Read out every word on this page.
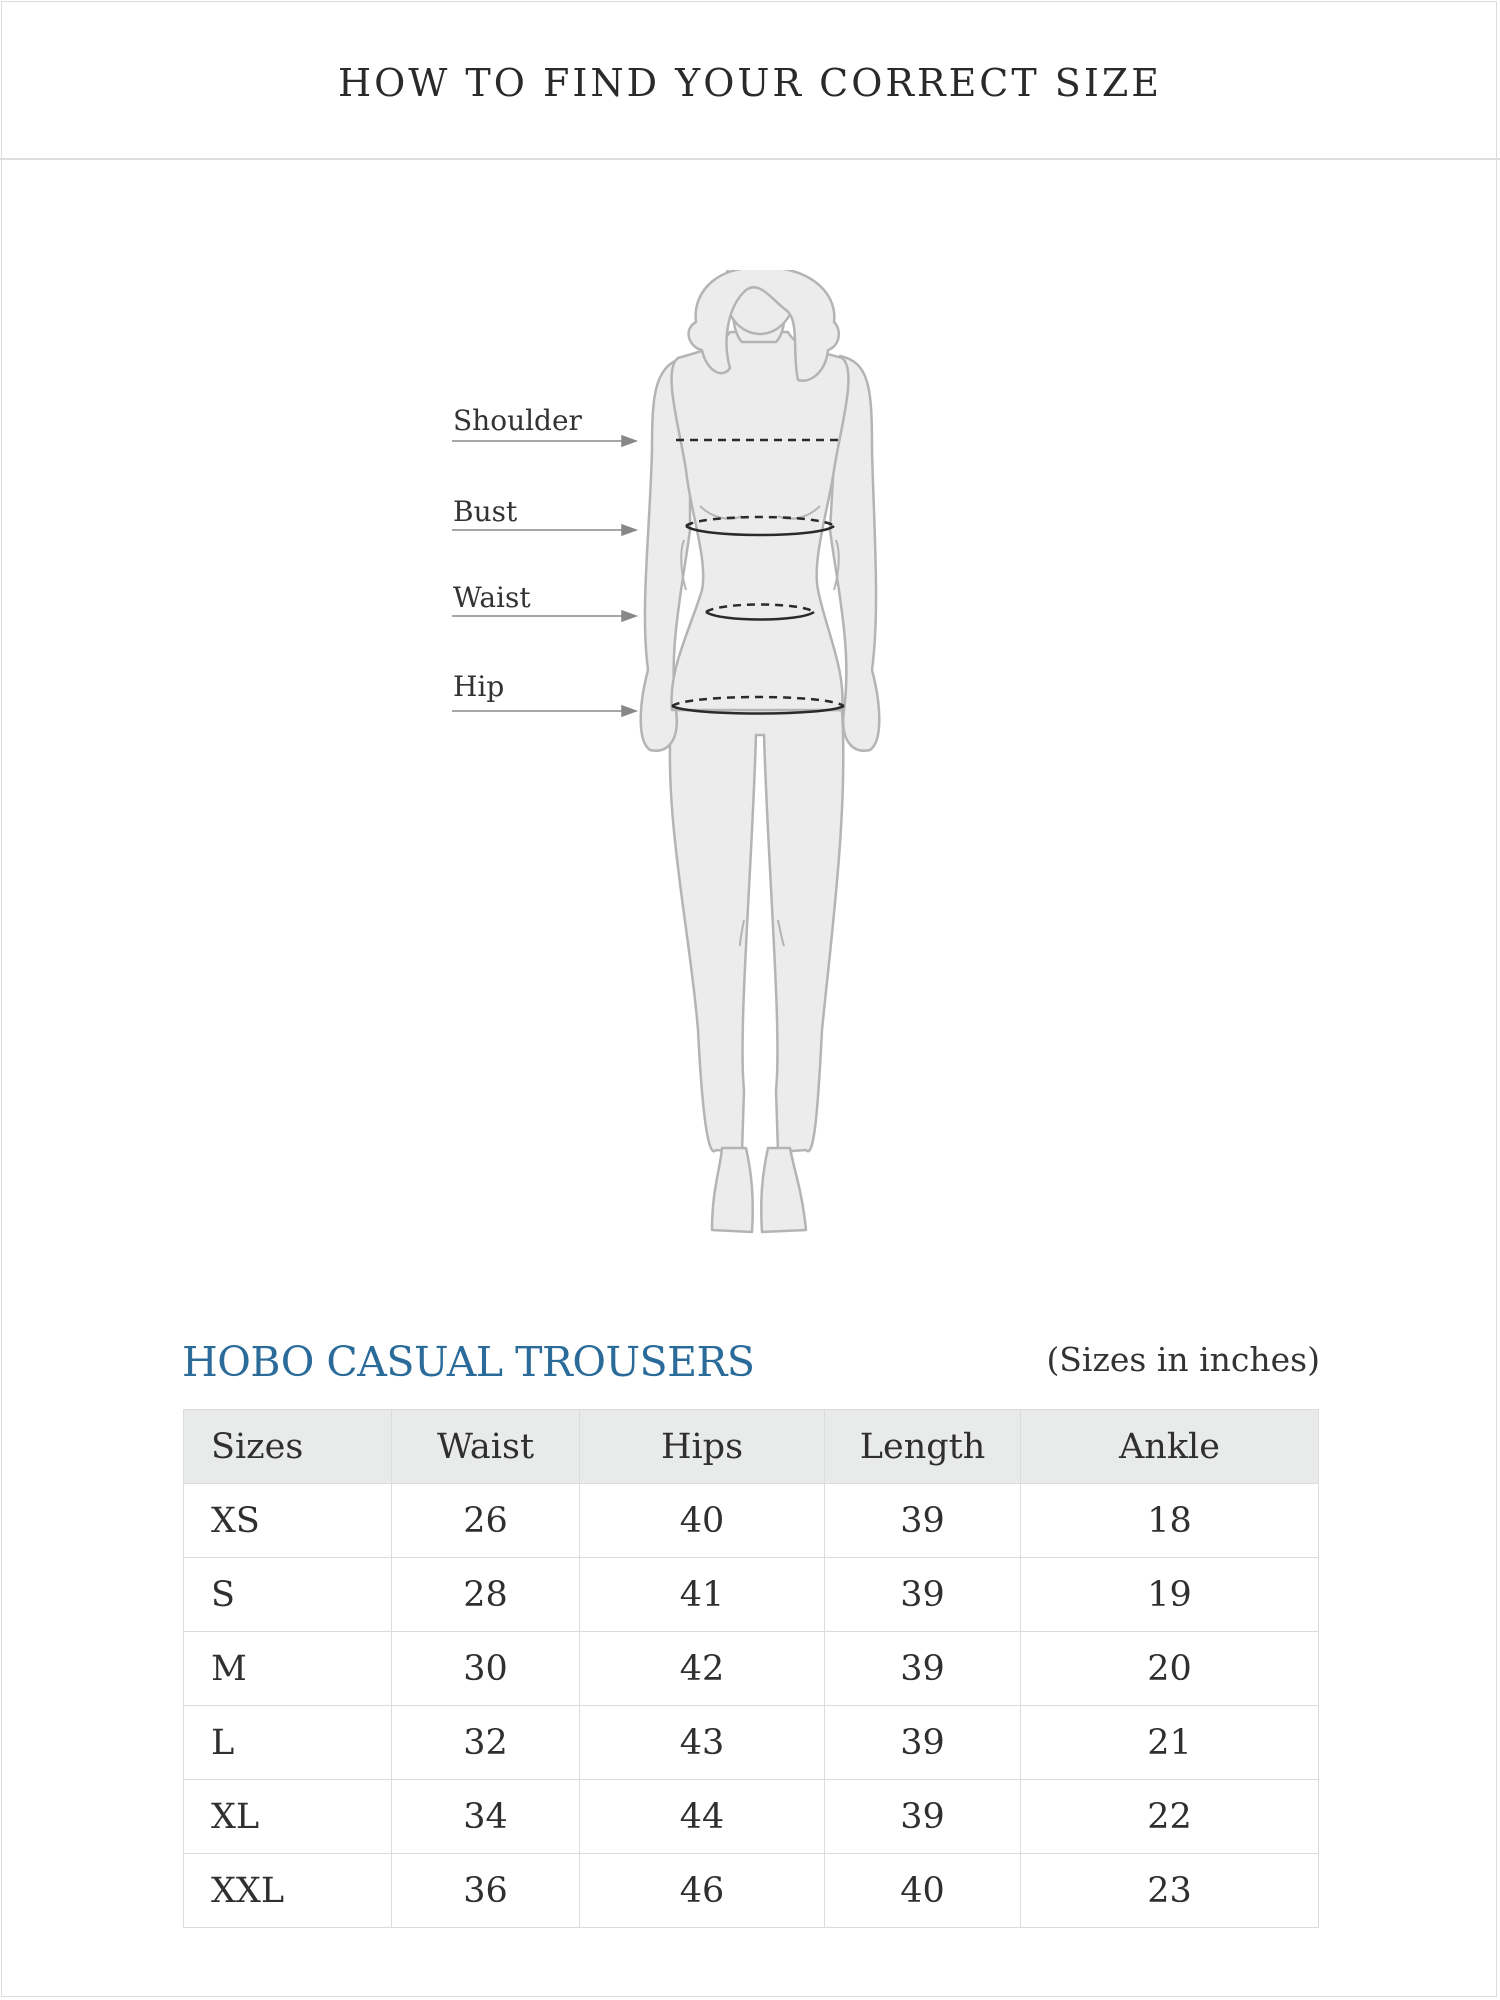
HOW TO FIND YOUR CORRECT SIZE
Shoulder
Bust
Waist
Hip
HOBO CASUAL TROUSERS	(Sizes in inches)
Sizes	Waist	Hips	Length	Ankle
XS	26	40	39	18
S	28	41	39	19
M	30	42	39	20
L	32	43	39	21
XL	34	44	39	22
XXL	36	46	40	23
